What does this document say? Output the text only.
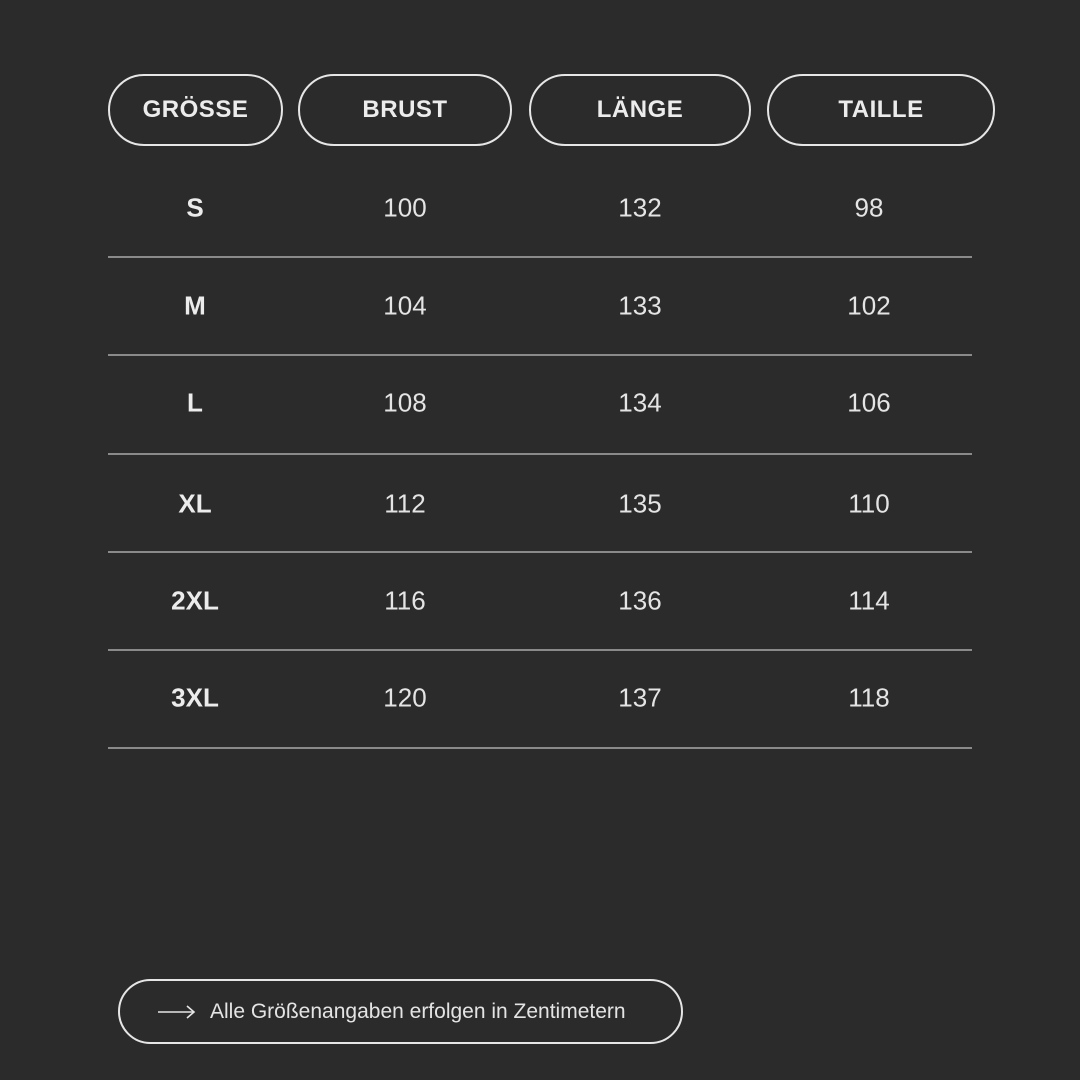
GRÖSSE	BRUST	LÄNGE	TAILLE
S	100	132	98
M	104	133	102
L	108	134	106
XL	112	135	110
2XL	116	136	114
3XL	120	137	118
Alle Größenangaben erfolgen in Zentimetern
